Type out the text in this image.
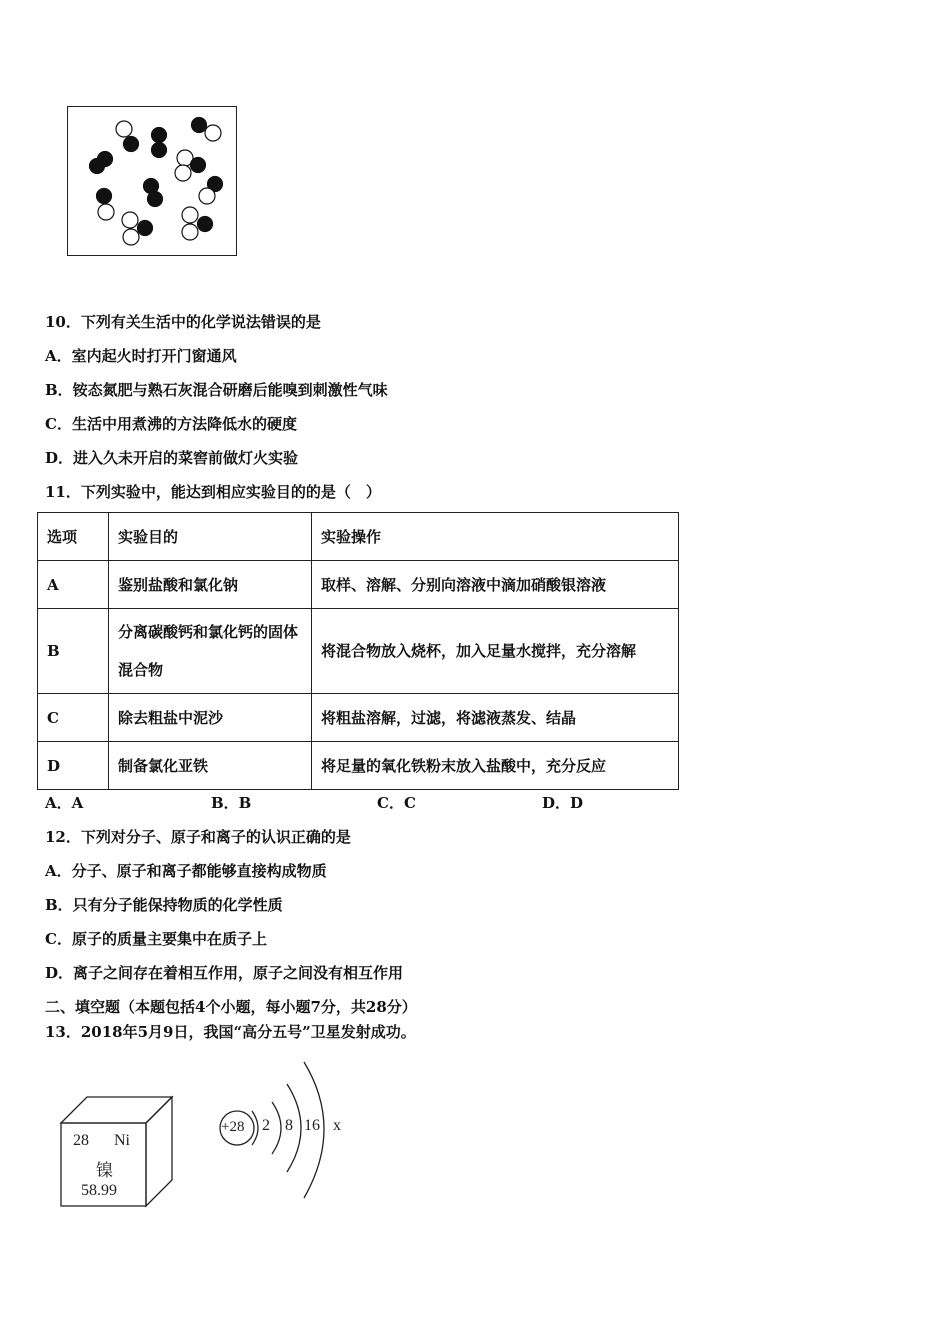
10．下列有关生活中的化学说法错误的是
A．室内起火时打开门窗通风
B．铵态氮肥与熟石灰混合研磨后能嗅到刺激性气味
C．生活中用煮沸的方法降低水的硬度
D．进入久未开启的菜窖前做灯火实验
11．下列实验中，能达到相应实验目的的是（　）
选项	实验目的	实验操作
A	鉴别盐酸和氯化钠	取样、溶解、分别向溶液中滴加硝酸银溶液
B	分离碳酸钙和氯化钙的固体混合物	将混合物放入烧杯，加入足量水搅拌，充分溶解
C	除去粗盐中泥沙	将粗盐溶解，过滤，将滤液蒸发、结晶
D	制备氯化亚铁	将足量的氧化铁粉末放入盐酸中，充分反应
A．A	B．B	C．C	D．D
12．下列对分子、原子和离子的认识正确的是
A．分子、原子和离子都能够直接构成物质
B．只有分子能保持物质的化学性质
C．原子的质量主要集中在质子上
D．离子之间存在着相互作用，原子之间没有相互作用
二、填空题（本题包括4个小题，每小题7分，共28分）
13．2018年5月9日，我国“高分五号”卫星发射成功。
28 Ni
镍
58.99
+28 2 8 16 x
